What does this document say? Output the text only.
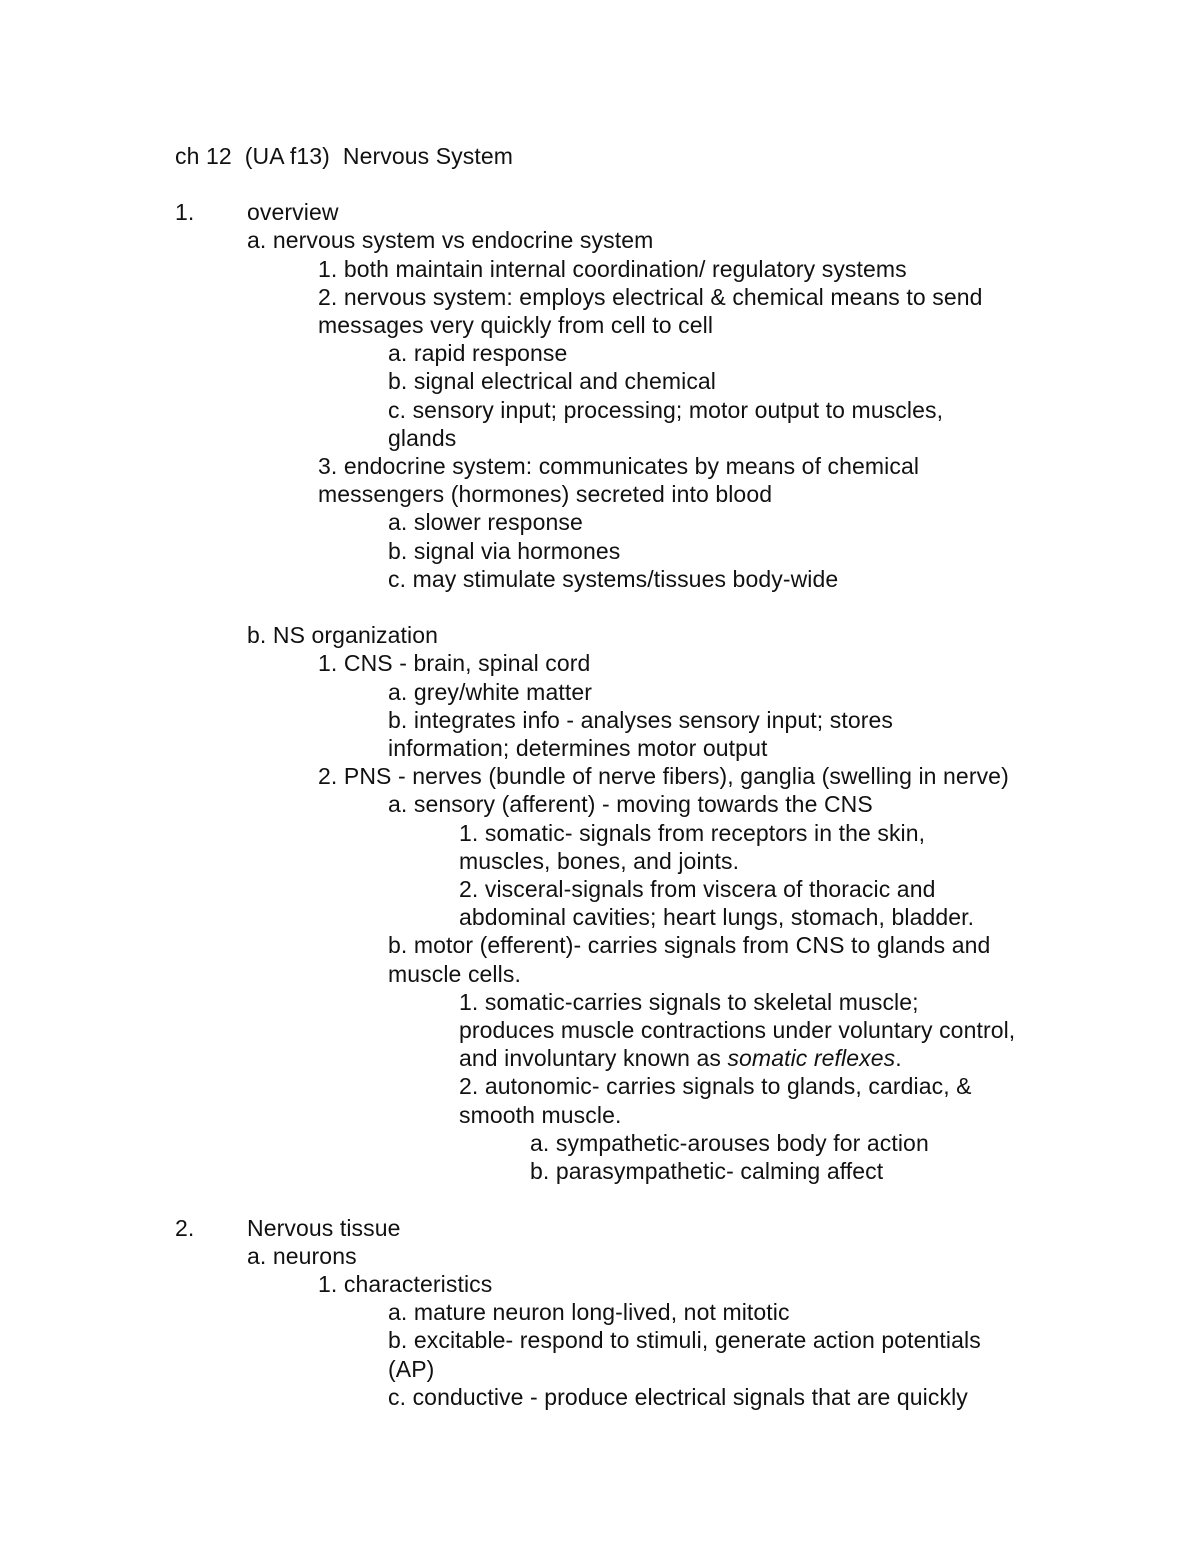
ch 12  (UA f13)  Nervous System
1. overview
a. nervous system vs endocrine system
1. both maintain internal coordination/ regulatory systems
2. nervous system: employs electrical & chemical means to send
messages very quickly from cell to cell
a. rapid response
b. signal electrical and chemical
c. sensory input; processing; motor output to muscles,
glands
3. endocrine system: communicates by means of chemical
messengers (hormones) secreted into blood
a. slower response
b. signal via hormones
c. may stimulate systems/tissues body-wide
b. NS organization
1. CNS - brain, spinal cord
a. grey/white matter
b. integrates info - analyses sensory input; stores
information; determines motor output
2. PNS - nerves (bundle of nerve fibers), ganglia (swelling in nerve)
a. sensory (afferent) - moving towards the CNS
1. somatic- signals from receptors in the skin,
muscles, bones, and joints.
2. visceral-signals from viscera of thoracic and
abdominal cavities; heart lungs, stomach, bladder.
b. motor (efferent)- carries signals from CNS to glands and
muscle cells.
1. somatic-carries signals to skeletal muscle;
produces muscle contractions under voluntary control,
and involuntary known as somatic reflexes.
2. autonomic- carries signals to glands, cardiac, &
smooth muscle.
a. sympathetic-arouses body for action
b. parasympathetic- calming affect
2. Nervous tissue
a. neurons
1. characteristics
a. mature neuron long-lived, not mitotic
b. excitable- respond to stimuli, generate action potentials
(AP)
c. conductive - produce electrical signals that are quickly
